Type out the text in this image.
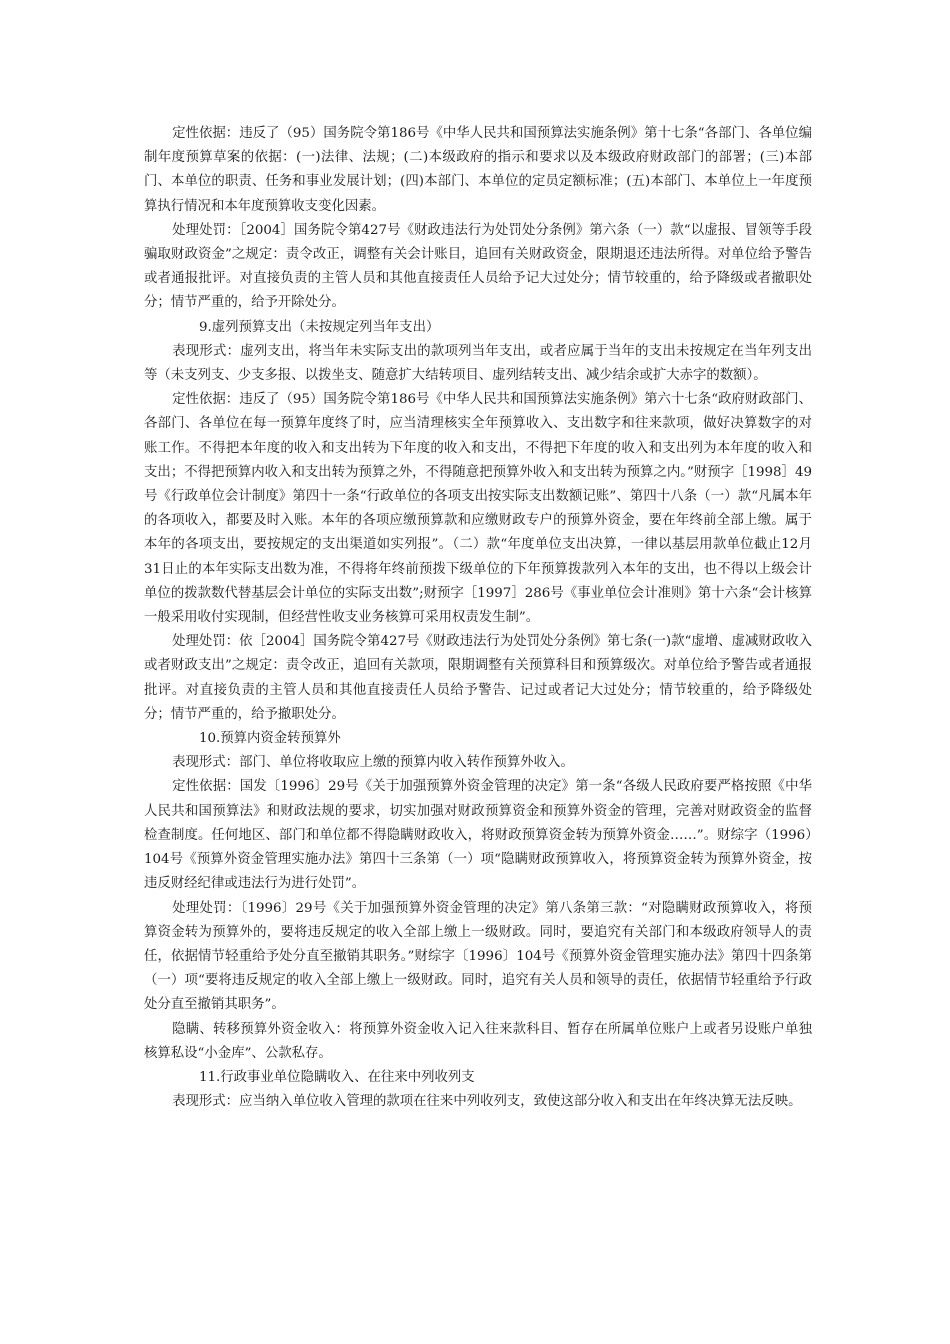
定性依据：违反了（95）国务院令第186号《中华人民共和国预算法实施条例》第十七条“各部门、各单位编制年度预算草案的依据：(一)法律、法规；(二)本级政府的指示和要求以及本级政府财政部门的部署；(三)本部门、本单位的职责、任务和事业发展计划；(四)本部门、本单位的定员定额标准；(五)本部门、本单位上一年度预算执行情况和本年度预算收支变化因素。

处理处罚：［2004］国务院令第427号《财政违法行为处罚处分条例》第六条（一）款“以虚报、冒领等手段骗取财政资金”之规定：责令改正，调整有关会计账目，追回有关财政资金，限期退还违法所得。对单位给予警告或者通报批评。对直接负责的主管人员和其他直接责任人员给予记大过处分；情节较重的，给予降级或者撤职处分；情节严重的，给予开除处分。

9.虚列预算支出（未按规定列当年支出）

表现形式：虚列支出，将当年未实际支出的款项列当年支出，或者应属于当年的支出未按规定在当年列支出等（未支列支、少支多报、以拨坐支、随意扩大结转项目、虚列结转支出、减少结余或扩大赤字的数额）。

定性依据：违反了（95）国务院令第186号《中华人民共和国预算法实施条例》第六十七条“政府财政部门、各部门、各单位在每一预算年度终了时，应当清理核实全年预算收入、支出数字和往来款项，做好决算数字的对账工作。不得把本年度的收入和支出转为下年度的收入和支出，不得把下年度的收入和支出列为本年度的收入和支出；不得把预算内收入和支出转为预算之外，不得随意把预算外收入和支出转为预算之内。”财预字［1998］49号《行政单位会计制度》第四十一条“行政单位的各项支出按实际支出数额记账”、第四十八条（一）款“凡属本年的各项收入，都要及时入账。本年的各项应缴预算款和应缴财政专户的预算外资金，要在年终前全部上缴。属于本年的各项支出，要按规定的支出渠道如实列报”。（二）款“年度单位支出决算，一律以基层用款单位截止12月31日止的本年实际支出数为准，不得将年终前预拨下级单位的下年预算拨款列入本年的支出，也不得以上级会计单位的拨款数代替基层会计单位的实际支出数”;财预字［1997］286号《事业单位会计准则》第十六条“会计核算一般采用收付实现制，但经营性收支业务核算可采用权责发生制”。

处理处罚：依［2004］国务院令第427号《财政违法行为处罚处分条例》第七条(一)款“虚增、虚减财政收入或者财政支出”之规定：责令改正，追回有关款项，限期调整有关预算科目和预算级次。对单位给予警告或者通报批评。对直接负责的主管人员和其他直接责任人员给予警告、记过或者记大过处分；情节较重的，给予降级处分；情节严重的，给予撤职处分。

10.预算内资金转预算外

表现形式：部门、单位将收取应上缴的预算内收入转作预算外收入。

定性依据：国发〔1996〕29号《关于加强预算外资金管理的决定》第一条“各级人民政府要严格按照《中华人民共和国预算法》和财政法规的要求，切实加强对财政预算资金和预算外资金的管理，完善对财政资金的监督检查制度。任何地区、部门和单位都不得隐瞒财政收入，将财政预算资金转为预算外资金……”。财综字（1996）104号《预算外资金管理实施办法》第四十三条第（一）项“隐瞒财政预算收入，将预算资金转为预算外资金，按违反财经纪律或违法行为进行处罚”。

处理处罚：〔1996〕29号《关于加强预算外资金管理的决定》第八条第三款：“对隐瞒财政预算收入，将预算资金转为预算外的，要将违反规定的收入全部上缴上一级财政。同时，要追究有关部门和本级政府领导人的责任，依据情节轻重给予处分直至撤销其职务。”财综字〔1996〕104号《预算外资金管理实施办法》第四十四条第（一）项“要将违反规定的收入全部上缴上一级财政。同时，追究有关人员和领导的责任，依据情节轻重给予行政处分直至撤销其职务”。

隐瞒、转移预算外资金收入：将预算外资金收入记入往来款科目、暂存在所属单位账户上或者另设账户单独核算私设“小金库”、公款私存。

11.行政事业单位隐瞒收入、在往来中列收列支

表现形式：应当纳入单位收入管理的款项在往来中列收列支，致使这部分收入和支出在年终决算无法反映。
